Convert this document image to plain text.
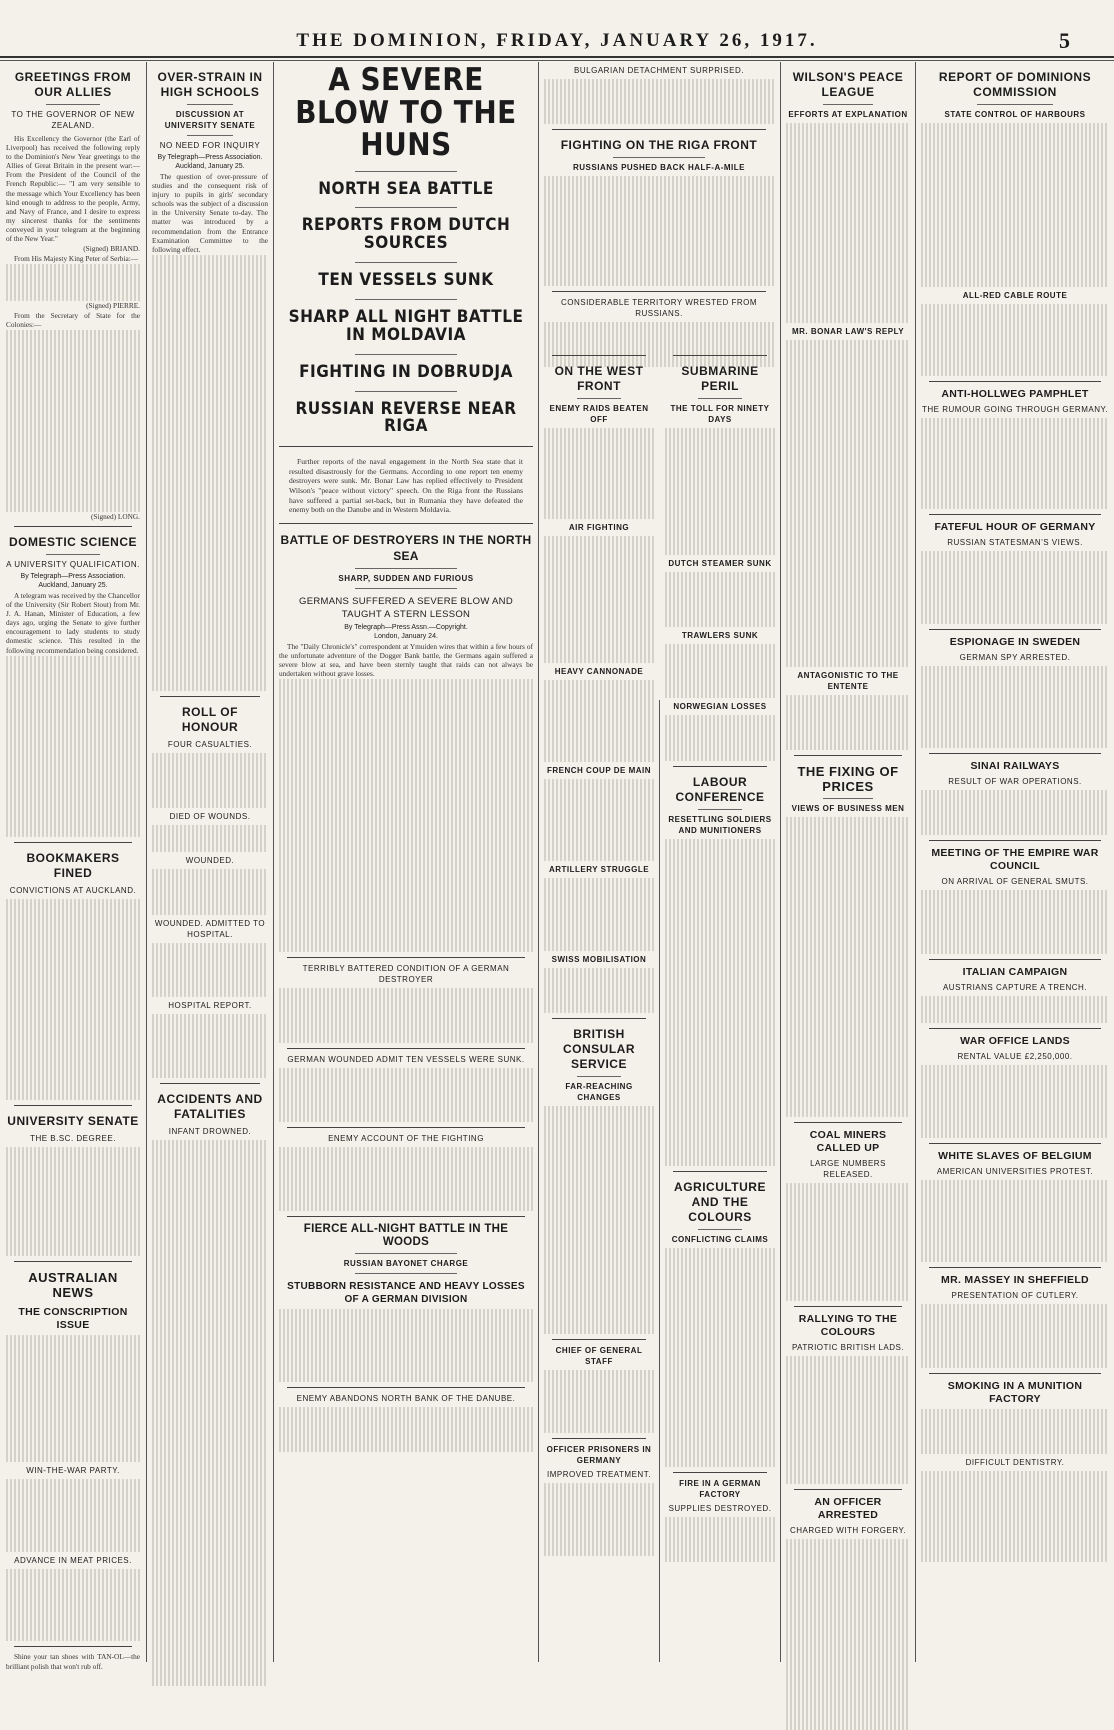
THE DOMINION, FRIDAY, JANUARY 26, 1917.	5
GREETINGS FROM OUR ALLIES
TO THE GOVERNOR OF NEW ZEALAND.

His Excellency the Governor (the Earl of Liverpool) has received the following reply to the Dominion's New Year greetings to the Allies of Great Britain in the present war:— From the President of the Council of the French Republic:— "I am very sensible to the message which Your Excellency has been kind enough to address to the people, Army, and Navy of France, and I desire to express my sincerest thanks for the sentiments conveyed in your telegram at the beginning of the New Year."

(Signed) BRIAND.

From His Majesty King Peter of Serbia:—

(Signed) PIERRE.

From the Secretary of State for the Colonies:—

(Signed) LONG.

DOMESTIC SCIENCE
A UNIVERSITY QUALIFICATION.
By Telegraph—Press Association.
Auckland, January 25.

A telegram was received by the Chancellor of the University (Sir Robert Stout) from Mr. J. A. Hanan, Minister of Education, a few days ago, urging the Senate to give further encouragement to lady students to study domestic science. This resulted in the following recommendation being considered.

BOOKMAKERS FINED
CONVICTIONS AT AUCKLAND.
UNIVERSITY SENATE
THE B.SC. DEGREE.
AUSTRALIAN NEWS
THE CONSCRIPTION ISSUE
WIN-THE-WAR PARTY.
ADVANCE IN MEAT PRICES.

Shine your tan shoes with TAN-OL—the brilliant polish that won't rub off.

OVER-STRAIN IN HIGH SCHOOLS
DISCUSSION AT UNIVERSITY SENATE
NO NEED FOR INQUIRY
By Telegraph—Press Association.
Auckland, January 25.

The question of over-pressure of studies and the consequent risk of injury to pupils in girls' secondary schools was the subject of a discussion in the University Senate to-day. The matter was introduced by a recommendation from the Entrance Examination Committee to the following effect.

ROLL OF HONOUR
FOUR CASUALTIES.
DIED OF WOUNDS.
WOUNDED.
WOUNDED. ADMITTED TO HOSPITAL.
HOSPITAL REPORT.
ACCIDENTS AND FATALITIES
INFANT DROWNED.
A SEVERE BLOW TO THE HUNS
NORTH SEA BATTLE
REPORTS FROM DUTCH SOURCES
TEN VESSELS SUNK
SHARP ALL NIGHT BATTLE IN MOLDAVIA
FIGHTING IN DOBRUDJA
RUSSIAN REVERSE NEAR RIGA

Further reports of the naval engagement in the North Sea state that it resulted disastrously for the Germans. According to one report ten enemy destroyers were sunk. Mr. Bonar Law has replied effectively to President Wilson's "peace without victory" speech. On the Riga front the Russians have suffered a partial set-back, but in Rumania they have defeated the enemy both on the Danube and in Western Moldavia.

BATTLE OF DESTROYERS IN THE NORTH SEA
SHARP, SUDDEN AND FURIOUS
GERMANS SUFFERED A SEVERE BLOW AND TAUGHT A STERN LESSON
By Telegraph—Press Assn.—Copyright.
London, January 24.

The "Daily Chronicle's" correspondent at Ymuiden wires that within a few hours of the unfortunate adventure of the Dogger Bank battle, the Germans again suffered a severe blow at sea, and have been sternly taught that raids can not always be undertaken without grave losses.

TERRIBLY BATTERED CONDITION OF A GERMAN DESTROYER
GERMAN WOUNDED ADMIT TEN VESSELS WERE SUNK.
ENEMY ACCOUNT OF THE FIGHTING
FIERCE ALL-NIGHT BATTLE IN THE WOODS
RUSSIAN BAYONET CHARGE
STUBBORN RESISTANCE AND HEAVY LOSSES OF A GERMAN DIVISION
ENEMY ABANDONS NORTH BANK OF THE DANUBE.
BULGARIAN DETACHMENT SURPRISED.
FIGHTING ON THE RIGA FRONT
RUSSIANS PUSHED BACK HALF-A-MILE
CONSIDERABLE TERRITORY WRESTED FROM RUSSIANS.
ON THE WEST FRONT
ENEMY RAIDS BEATEN OFF
AIR FIGHTING
HEAVY CANNONADE
FRENCH COUP DE MAIN
ARTILLERY STRUGGLE
SWISS MOBILISATION
BRITISH CONSULAR SERVICE
FAR-REACHING CHANGES
CHIEF OF GENERAL STAFF
OFFICER PRISONERS IN GERMANY
IMPROVED TREATMENT.
SUBMARINE PERIL
THE TOLL FOR NINETY DAYS
DUTCH STEAMER SUNK
TRAWLERS SUNK
NORWEGIAN LOSSES
LABOUR CONFERENCE
RESETTLING SOLDIERS AND MUNITIONERS
AGRICULTURE AND THE COLOURS
CONFLICTING CLAIMS
FIRE IN A GERMAN FACTORY
SUPPLIES DESTROYED.
WILSON'S PEACE LEAGUE
EFFORTS AT EXPLANATION
MR. BONAR LAW'S REPLY
ANTAGONISTIC TO THE ENTENTE
THE FIXING OF PRICES
VIEWS OF BUSINESS MEN
COAL MINERS CALLED UP
LARGE NUMBERS RELEASED.
RALLYING TO THE COLOURS
PATRIOTIC BRITISH LADS.
AN OFFICER ARRESTED
CHARGED WITH FORGERY.
REPORT OF DOMINIONS COMMISSION
STATE CONTROL OF HARBOURS
ALL-RED CABLE ROUTE
ANTI-HOLLWEG PAMPHLET
THE RUMOUR GOING THROUGH GERMANY.
FATEFUL HOUR OF GERMANY
RUSSIAN STATESMAN'S VIEWS.
ESPIONAGE IN SWEDEN
GERMAN SPY ARRESTED.
SINAI RAILWAYS
RESULT OF WAR OPERATIONS.
MEETING OF THE EMPIRE WAR COUNCIL
ON ARRIVAL OF GENERAL SMUTS.
ITALIAN CAMPAIGN
AUSTRIANS CAPTURE A TRENCH.
WAR OFFICE LANDS
RENTAL VALUE £2,250,000.
WHITE SLAVES OF BELGIUM
AMERICAN UNIVERSITIES PROTEST.
MR. MASSEY IN SHEFFIELD
PRESENTATION OF CUTLERY.
SMOKING IN A MUNITION FACTORY
DIFFICULT DENTISTRY.
